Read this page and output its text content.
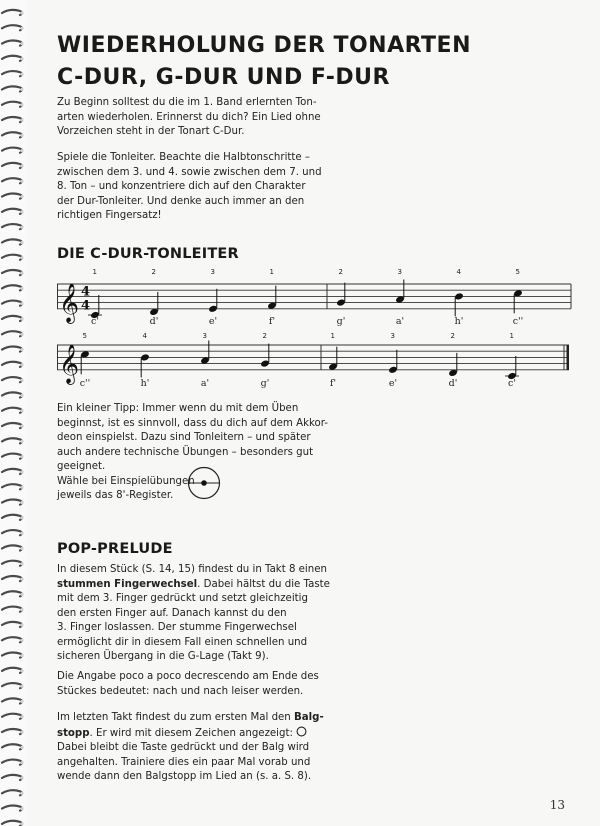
WIEDERHOLUNG DER TONARTEN
C-DUR, G-DUR UND F-DUR

Zu Beginn solltest du die im 1. Band erlernten Ton-
arten wiederholen. Erinnerst du dich? Ein Lied ohne
Vorzeichen steht in der Tonart C-Dur.

Spiele die Tonleiter. Beachte die Halbtonschritte –
zwischen dem 3. und 4. sowie zwischen dem 7. und
8. Ton – und konzentriere dich auf den Charakter
der Dur-Tonleiter. Und denke auch immer an den
richtigen Fingersatz!

DIE C-DUR-TONLEITER
𝄞 4
4
1
c'
2
d'
3
e'
1
f'
2
g'
3
a'
4
h'
5
c''
𝄞
5
c''
4
h'
3
a'
2
g'
1
f'
3
e'
2
d'
1
c'

Ein kleiner Tipp: Immer wenn du mit dem Üben
beginnst, ist es sinnvoll, dass du dich auf dem Akkor-
deon einspielst. Dazu sind Tonleitern – und später
auch andere technische Übungen – besonders gut
geeignet.
Wähle bei Einspielübungen
jeweils das 8'-Register.

POP-PRELUDE

In diesem Stück (S. 14, 15) findest du in Takt 8 einen
stummen Fingerwechsel. Dabei hältst du die Taste
mit dem 3. Finger gedrückt und setzt gleichzeitig
den ersten Finger auf. Danach kannst du den
3. Finger loslassen. Der stumme Fingerwechsel
ermöglicht dir in diesem Fall einen schnellen und
sicheren Übergang in die G-Lage (Takt 9).

Die Angabe poco a poco decrescendo am Ende des
Stückes bedeutet: nach und nach leiser werden.

Im letzten Takt findest du zum ersten Mal den Balg-
stopp. Er wird mit diesem Zeichen angezeigt:
Dabei bleibt die Taste gedrückt und der Balg wird
angehalten. Trainiere dies ein paar Mal vorab und
wende dann den Balgstopp im Lied an (s. a. S. 8).

13
